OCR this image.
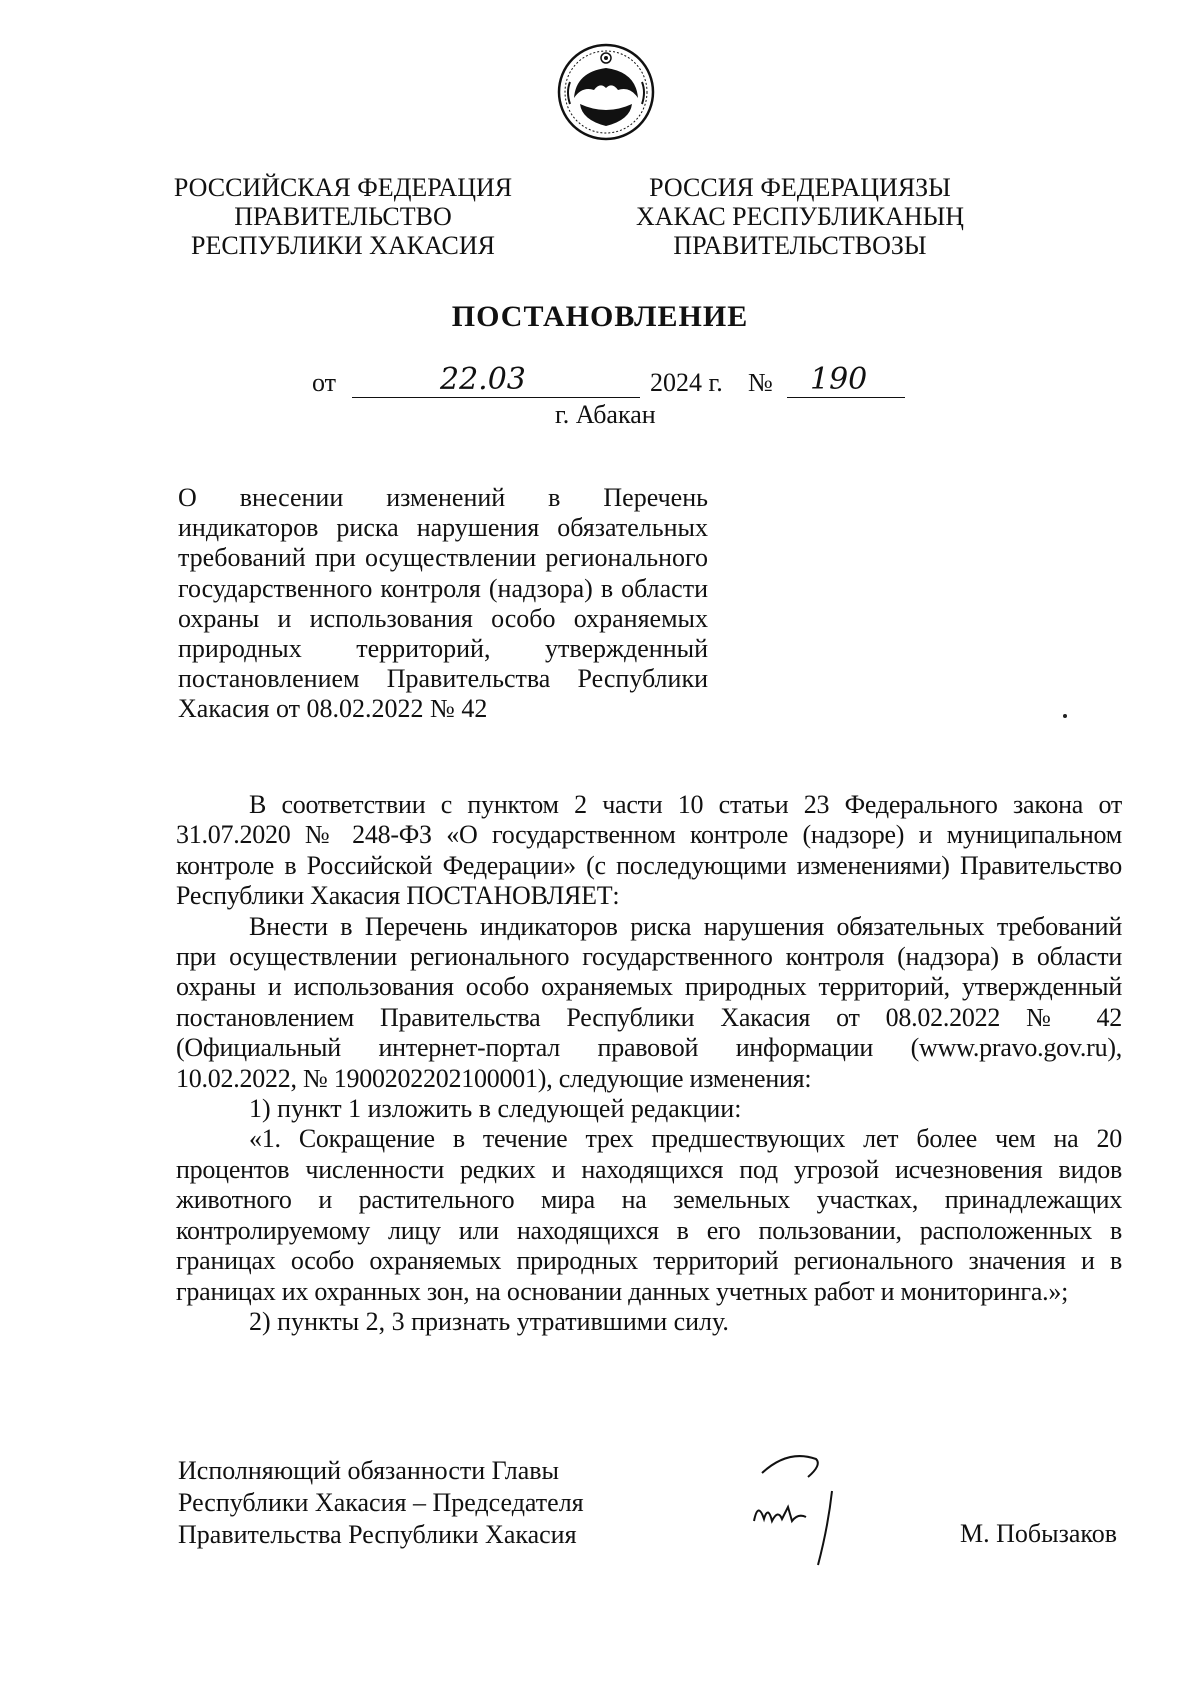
РОССИЙСКАЯ ФЕДЕРАЦИЯ
ПРАВИТЕЛЬСТВО
РЕСПУБЛИКИ ХАКАСИЯ
РОССИЯ ФЕДЕРАЦИЯЗЫ
ХАКАС РЕСПУБЛИКАНЫҢ
ПРАВИТЕЛЬСТВОЗЫ
ПОСТАНОВЛЕНИЕ
от	22.03	2024 г. № 190
г. Абакан
О внесении изменений в Перечень индикаторов риска нарушения обязательных требований при осуществлении регионального государственного контроля (надзора) в области охраны и использования особо охраняемых природных территорий, утвержденный постановлением Правительства Республики Хакасия от 08.02.2022 № 42

В соответствии с пунктом 2 части 10 статьи 23 Федерального закона от 31.07.2020 № 248-ФЗ «О государственном контроле (надзоре) и муниципальном контроле в Российской Федерации» (с последующими изменениями) Правительство Республики Хакасия ПОСТАНОВЛЯЕТ:

Внести в Перечень индикаторов риска нарушения обязательных требований при осуществлении регионального государственного контроля (надзора) в области охраны и использования особо охраняемых природных территорий, утвержденный постановлением Правительства Республики Хакасия от 08.02.2022 № 42 (Официальный интернет-портал правовой информации (www.pravo.gov.ru), 10.02.2022, № 1900202202100001), следующие изменения:

1) пункт 1 изложить в следующей редакции:

«1. Сокращение в течение трех предшествующих лет более чем на 20 процентов численности редких и находящихся под угрозой исчезновения видов животного и растительного мира на земельных участках, принадлежащих контролируемому лицу или находящихся в его пользовании, расположенных в границах особо охраняемых природных территорий регионального значения и в границах их охранных зон, на основании данных учетных работ и мониторинга.»;

2) пункты 2, 3 признать утратившими силу.

Исполняющий обязанности Главы
Республики Хакасия – Председателя
Правительства Республики Хакасия	М. Побызаков
